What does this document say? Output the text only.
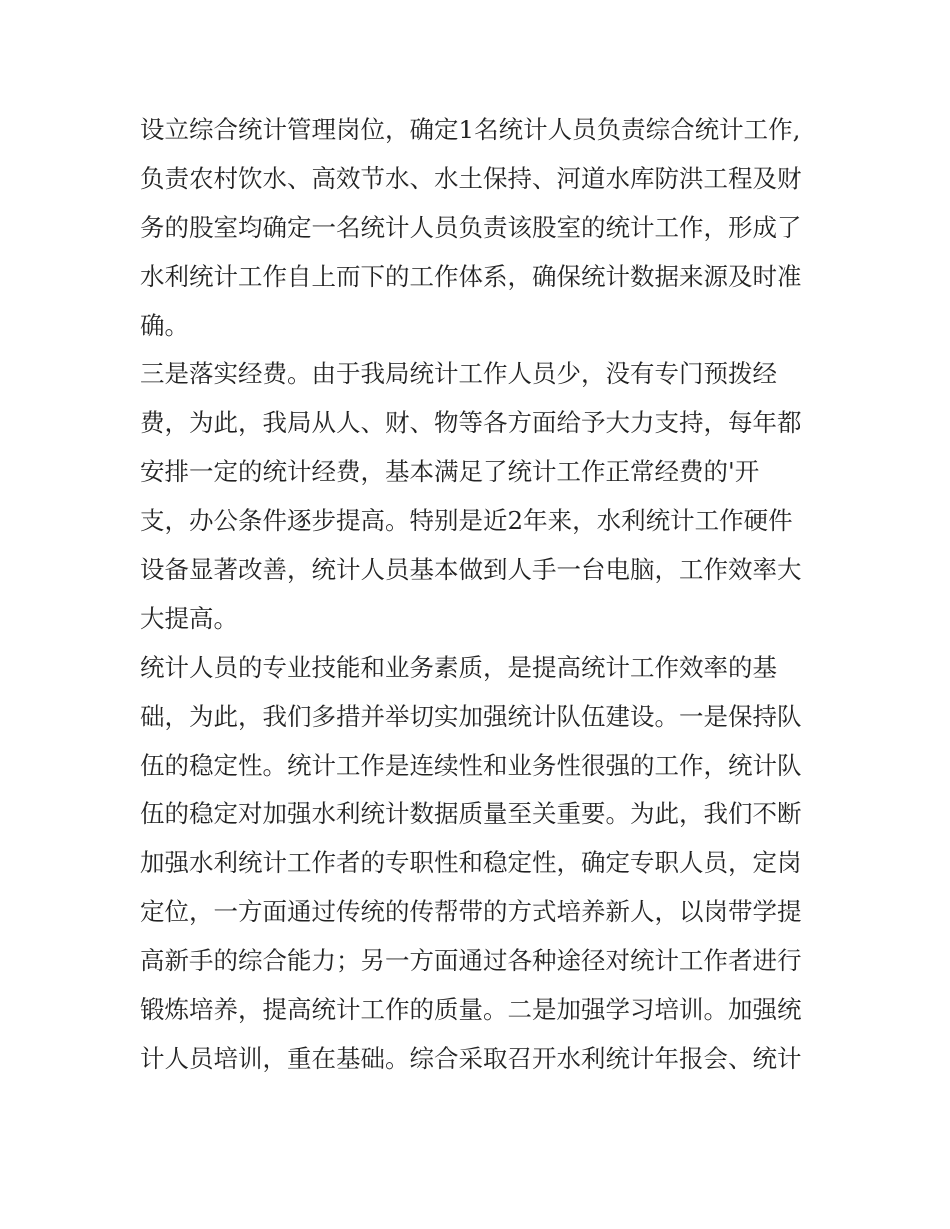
设立综合统计管理岗位，确定1名统计人员负责综合统计工作,
负责农村饮水、高效节水、水土保持、河道水库防洪工程及财
务的股室均确定一名统计人员负责该股室的统计工作，形成了
水利统计工作自上而下的工作体系，确保统计数据来源及时准
确。
三是落实经费。由于我局统计工作人员少，没有专门预拨经
费，为此，我局从人、财、物等各方面给予大力支持，每年都
安排一定的统计经费，基本满足了统计工作正常经费的'开
支，办公条件逐步提高。特别是近2年来，水利统计工作硬件
设备显著改善，统计人员基本做到人手一台电脑，工作效率大
大提高。
统计人员的专业技能和业务素质，是提高统计工作效率的基
础，为此，我们多措并举切实加强统计队伍建设。一是保持队
伍的稳定性。统计工作是连续性和业务性很强的工作，统计队
伍的稳定对加强水利统计数据质量至关重要。为此，我们不断
加强水利统计工作者的专职性和稳定性，确定专职人员，定岗
定位，一方面通过传统的传帮带的方式培养新人，以岗带学提
高新手的综合能力；另一方面通过各种途径对统计工作者进行
锻炼培养，提高统计工作的质量。二是加强学习培训。加强统
计人员培训，重在基础。综合采取召开水利统计年报会、统计
